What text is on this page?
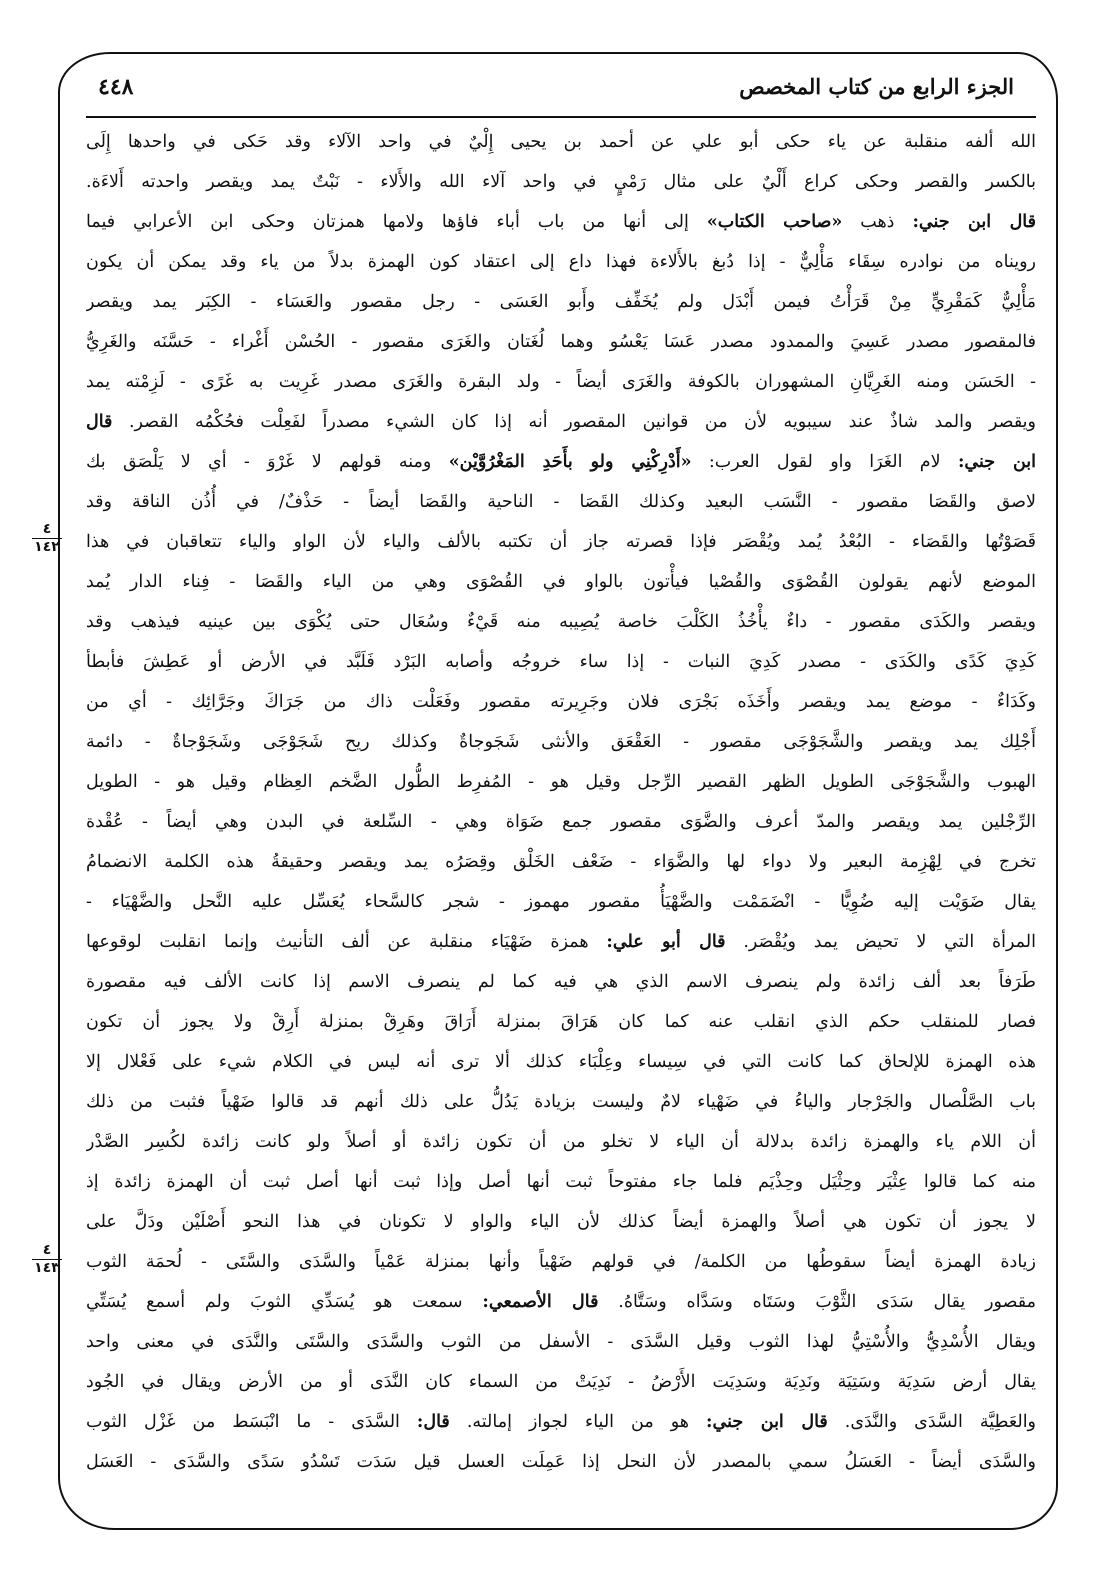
الجزء الرابع من كتاب المخصص
٤٤٨
الله ألفه منقلبة عن ياء حكى أبو علي عن أحمد بن يحيى إِلْيٌ في واحد الآلاء وقد حَكى في واحدها إِلَى
بالكسر والقصر وحكى كراع أَلْيٌ على مثال رَمْيٍ في واحد آلاء الله والأَلاء - نَبْتٌ يمد ويقصر واحدته أَلاءَة.
قال ابن جني: ذهب «صاحب الكتاب» إلى أنها من باب أباء فاؤها ولامها همزتان وحكى ابن الأعرابي فيما
رويناه من نوادره سِقَاء مَأْلِيٌّ - إذا دُبغ بالأَلاءة فهذا داع إلى اعتقاد كون الهمزة بدلاً من ياء وقد يمكن أن يكون
مَأْلِيٌّ كَمَقْرِيٍّ مِنْ قَرَأْتُ فيمن أَبْدَل ولم يُخَفِّف وأَبو العَسَى - رجل مقصور والعَسَاء - الكِبَر يمد ويقصر
فالمقصور مصدر عَسِيَ والممدود مصدر عَسَا يَعْسُو وهما لُغَتان والغَرَى مقصور - الحُسْن أَغْراء - حَسَّنَه والغَرِيُّ
- الحَسَن ومنه الغَرِيَّانِ المشهوران بالكوفة والغَرَى أيضاً - ولد البقرة والغَرَى مصدر غَرِيت به غَرًى - لَزِمْته يمد
ويقصر والمد شاذٌ عند سيبويه لأن من قوانين المقصور أنه إذا كان الشيء مصدراً لفَعِلْت فحُكْمُه القصر. قال
ابن جني: لام الغَرَا واو لقول العرب: «أَدْرِكْنِي ولو بأَحَدِ المَغْرُوَّيْن» ومنه قولهم لا غَرْوَ - أي لا يَلْصَق بك
لاصق والقَصَا مقصور - النَّسَب البعيد وكذلك القَصَا - الناحية والقَصَا أيضاً - حَذْفٌ/ في أُذُن الناقة وقد
قَصَوْتُها والقَصَاء - البُعْدُ يُمد ويُقْصَر فإذا قصرته جاز أن تكتبه بالألف والياء لأن الواو والياء تتعاقبان في هذا
الموضع لأنهم يقولون القُصْوَى والقُصْيا فيأْتون بالواو في القُصْوَى وهي من الياء والقَصَا - فِناء الدار يُمد
ويقصر والكَدَى مقصور - داءٌ يأْخُذُ الكَلْبَ خاصة يُصِيبه منه قَيْءٌ وسُعَال حتى يُكْوَى بين عينيه فيذهب وقد
كَدِيَ كَدًى والكَدَى - مصدر كَدِيَ النبات - إذا ساء خروجُه وأصابه البَرْد فَلَبَّد في الأرض أو عَطِشَ فأبطأ
وكَدَاءٌ - موضع يمد ويقصر وأَخَذَه بَجْرَى فلان وجَرِيرته مقصور وفَعَلْت ذاك من جَرَاكَ وجَرَّائِك - أي من
أَجْلِك يمد ويقصر والشَّجَوْجَى مقصور - العَقْعَق والأنثى شَجَوجاةٌ وكذلك ريح شَجَوْجَى وشَجَوْجاةٌ - دائمة
الهبوب والشَّجَوْجَى الطويل الظهر القصير الرِّجل وقيل هو - المُفرِط الطُّول الضَّخم العِظام وقيل هو - الطويل
الرِّجْلين يمد ويقصر والمدّ أعرف والضَّوَى مقصور جمع ضَوَاة وهي - السِّلعة في البدن وهي أيضاً - عُقْدة
تخرج في لِهْزِمة البعير ولا دواء لها والضَّوَاء - ضَعْف الخَلْق وقِصَرُه يمد ويقصر وحقيقةُ هذه الكلمة الانضمامُ
يقال ضَوَيْت إليه ضُوِيًّا - انْضَمَمْت والضَّهْيَأُ مقصور مهموز - شجر كالسَّحاء يُعَسِّل عليه النَّحل والضَّهْيَاء -
المرأة التي لا تحيض يمد ويُقْصَر. قال أبو علي: همزة ضَهْيَاء منقلبة عن ألف التأنيث وإنما انقلبت لوقوعها
طَرَفاً بعد ألف زائدة ولم ينصرف الاسم الذي هي فيه كما لم ينصرف الاسم إذا كانت الألف فيه مقصورة
فصار للمنقلب حكم الذي انقلب عنه كما كان هَرَاقَ بمنزلة أَرَاقَ وهَرِقْ بمنزلة أَرِقْ ولا يجوز أن تكون
هذه الهمزة للإلحاق كما كانت التي في سِيساء وعِلْبَاء كذلك ألا ترى أنه ليس في الكلام شيء على فَعْلال إلا
باب الصَّلْصال والجَرْجار والياءُ في ضَهْياء لامٌ وليست بزيادة يَدُلُّ على ذلك أنهم قد قالوا ضَهْياً فثبت من ذلك
أن اللام ياء والهمزة زائدة بدلالة أن الياء لا تخلو من أن تكون زائدة أو أصلاً ولو كانت زائدة لكُسِر الصَّدْر
منه كما قالوا عِثْيَر وحِثْيَل وحِذْيَم فلما جاء مفتوحاً ثبت أنها أصل وإذا ثبت أنها أصل ثبت أن الهمزة زائدة إذ
لا يجوز أن تكون هي أصلاً والهمزة أيضاً كذلك لأن الياء والواو لا تكونان في هذا النحو أَصْلَيْن ودَلَّ على
زيادة الهمزة أيضاً سقوطُها من الكلمة/ في قولهم ضَهْياً وأنها بمنزلة عَمْياً والسَّدَى والسَّتَى - لُحمَة الثوب
مقصور يقال سَدَى الثَّوْبَ وسَتَاه وسَدَّاه وسَتَّاهُ. قال الأصمعي: سمعت هو يُسَدِّي الثوبَ ولم أسمع يُسَتِّي
ويقال الأُسْدِيُّ والأُسْتِيُّ لهذا الثوب وقيل السَّدَى - الأسفل من الثوب والسَّدَى والسَّتَى والنَّدَى في معنى واحد
يقال أرض سَدِيَة وسَتِيَة ونَدِيَة وسَدِيَت الأَرْضُ - نَدِيَتْ من السماء كان النَّدَى أو من الأرض ويقال في الجُود
والعَطِيَّة السَّدَى والنَّدَى. قال ابن جني: هو من الياء لجواز إمالته. قال: السَّدَى - ما انْبَسَط من غَزْل الثوب
والسَّدَى أيضاً - العَسَلُ سمي بالمصدر لأن النحل إذا عَمِلَت العسل قيل سَدَت تَسْدُو سَدًى والسَّدَى - العَسَل
٤
١٤٢
٤
١٤٣
